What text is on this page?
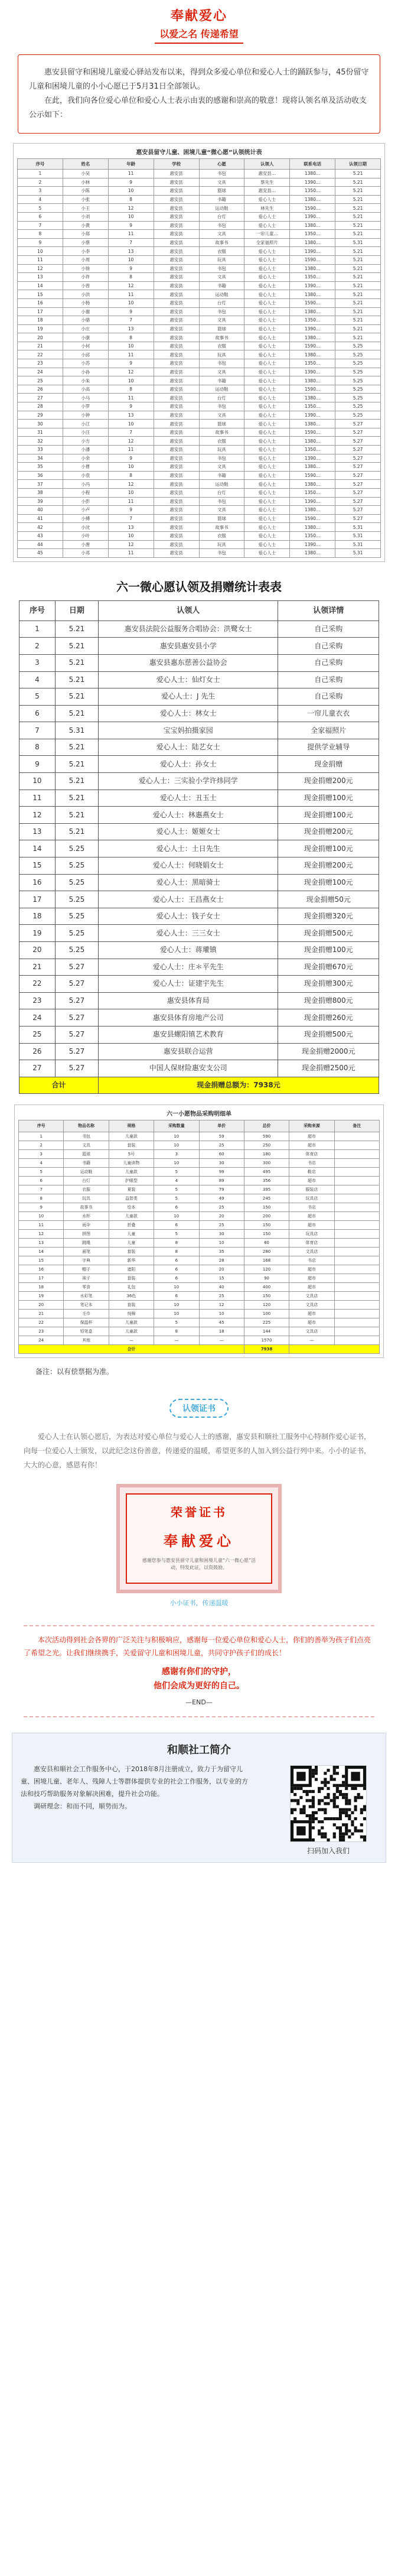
奉献爱心
以爱之名 传递希望

惠安县留守和困境儿童爱心驿站发布以来，得到众多爱心单位和爱心人士的踊跃参与，45份留守儿童和困境儿童的小小心愿已于5月31日全部领认。

在此，我们向各位爱心单位和爱心人士表示由衷的感谢和崇高的敬意！现将认领名单及活动收支公示如下：

惠安县留守儿童、困境儿童“微心愿”认领统计表
序号	姓名	年龄	学校	心愿	认领人	联系电话	认领日期
1	小吴	11	惠安县	书包	惠安县…	1380…	5.21
2	小林	9	惠安县	文具	蔡先生	1390…	5.21
3	小陈	10	惠安县	篮球	惠安县…	1350…	5.21
4	小张	8	惠安县	书籍	爱心人士	1380…	5.21
5	小王	12	惠安县	运动鞋	林先生	1590…	5.21
6	小刘	10	惠安县	台灯	爱心人士	1390…	5.21
7	小黄	9	惠安县	书包	爱心人士	1380…	5.21
8	小郑	11	惠安县	文具	一帘儿童…	1350…	5.21
9	小蔡	7	惠安县	故事书	全家福照片	1380…	5.31
10	小李	13	惠安县	衣服	爱心人士	1390…	5.21
11	小周	10	惠安县	玩具	爱心人士	1590…	5.21
12	小徐	9	惠安县	书包	爱心人士	1380…	5.21
13	小许	8	惠安县	文具	爱心人士	1350…	5.21
14	小曾	12	惠安县	书籍	爱心人士	1390…	5.21
15	小洪	11	惠安县	运动鞋	爱心人士	1380…	5.21
16	小杨	10	惠安县	台灯	爱心人士	1590…	5.21
17	小谢	9	惠安县	书包	爱心人士	1380…	5.21
18	小骆	7	惠安县	文具	爱心人士	1350…	5.21
19	小庄	13	惠安县	篮球	爱心人士	1390…	5.21
20	小康	8	惠安县	故事书	爱心人士	1380…	5.21
21	小何	10	惠安县	衣服	爱心人士	1590…	5.25
22	小邱	11	惠安县	玩具	爱心人士	1380…	5.25
23	小苏	9	惠安县	书包	爱心人士	1350…	5.25
24	小孙	12	惠安县	文具	爱心人士	1390…	5.25
25	小朱	10	惠安县	书籍	爱心人士	1380…	5.25
26	小高	8	惠安县	运动鞋	爱心人士	1590…	5.25
27	小马	11	惠安县	台灯	爱心人士	1380…	5.25
28	小罗	9	惠安县	书包	爱心人士	1350…	5.25
29	小钟	13	惠安县	文具	爱心人士	1390…	5.25
30	小江	10	惠安县	篮球	爱心人士	1380…	5.27
31	小汪	7	惠安县	故事书	爱心人士	1590…	5.27
32	小方	12	惠安县	衣服	爱心人士	1380…	5.27
33	小潘	11	惠安县	玩具	爱心人士	1350…	5.27
34	小余	9	惠安县	书包	爱心人士	1390…	5.27
35	小曹	10	惠安县	文具	爱心人士	1380…	5.27
36	小袁	8	惠安县	书籍	爱心人士	1590…	5.27
37	小冯	12	惠安县	运动鞋	爱心人士	1380…	5.27
38	小程	10	惠安县	台灯	爱心人士	1350…	5.27
39	小彭	11	惠安县	书包	爱心人士	1390…	5.27
40	小卢	9	惠安县	文具	爱心人士	1380…	5.27
41	小傅	7	惠安县	篮球	爱心人士	1590…	5.27
42	小沈	13	惠安县	故事书	爱心人士	1380…	5.31
43	小叶	10	惠安县	衣服	爱心人士	1350…	5.31
44	小唐	12	惠安县	玩具	爱心人士	1390…	5.31
45	小邓	11	惠安县	书包	爱心人士	1380…	5.31
六一微心愿认领及捐赠统计表表
序号	日期	认领人	认领详情
1	5.21	惠安县法院公益服务合唱协会：洪鹭女士	自己采购
2	5.21	惠安县惠安县小学	自己采购
3	5.21	惠安县惠东慈善公益协会	自己采购
4	5.21	爱心人士：仙灯女士	自己采购
5	5.21	爱心人士：J 先生	自己采购
6	5.21	爱心人士：林女士	一帘儿童衣衣
7	5.31	宝宝妈拍摄家园	全家福照片
8	5.21	爱心人士：陆艺女士	提供学业辅导
9	5.21	爱心人士：孙女士	现金捐赠
10	5.21	爱心人士：三实验小学许炜同学	现金捐赠200元
11	5.21	爱心人士：丑玉士	现金捐赠100元
12	5.21	爱心人士：林惠燕女士	现金捐赠100元
13	5.21	爱心人士：姬姬女士	现金捐赠200元
14	5.25	爱心人士：土日先生	现金捐赠100元
15	5.25	爱心人士：何晓娟女士	现金捐赠200元
16	5.25	爱心人士：黑暗骑士	现金捐赠100元
17	5.25	爱心人士：王昌燕女士	现金捐赠50元
18	5.25	爱心人士：钱子女士	现金捐赠320元
19	5.25	爱心人士：三三女士	现金捐赠500元
20	5.25	爱心人士：蒋瓘镇	现金捐赠100元
21	5.27	爱心人士：庄＊平先生	现金捐赠670元
22	5.27	爱心人士：证建宇先生	现金捐赠300元
23	5.27	惠安县体育局	现金捐赠800元
24	5.27	惠安县体育房地产公司	现金捐赠260元
25	5.27	惠安县螺阳镇艺术教育	现金捐赠500元
26	5.27	惠安县联合运营	现金捐赠2000元
27	5.27	中国人保财险惠安支公司	现金捐赠2500元
合计		现金捐赠总额为：7938元	
六一小愿物品采购明细单
序号	物品名称	规格	采购数量	单价	总价	采购来源	备注
1	书包	儿童款	10	59	590	超市	
2	文具	套装	10	25	250	超市	
3	篮球	5号	3	60	180	体育店	
4	书籍	儿童读物	10	30	300	书店	
5	运动鞋	儿童款	5	99	495	鞋店	
6	台灯	护眼型	4	89	356	超市	
7	衣服	夏装	5	79	395	服装店	
8	玩具	益智类	5	49	245	玩具店	
9	故事书	绘本	6	25	150	书店	
10	水杯	儿童款	10	20	200	超市	
11	雨伞	折叠	6	25	150	超市	
12	拼图	儿童	5	30	150	玩具店	
13	跳绳	儿童	8	10	80	体育店	
14	画笔	套装	8	35	280	文具店	
15	字典	新华	6	28	168	书店	
16	帽子	遮阳	6	20	120	超市	
17	袜子	套装	6	15	90	超市	
18	零食	礼包	10	40	400	超市	
19	水彩笔	36色	6	25	150	文具店	
20	笔记本	套装	10	12	120	文具店	
21	毛巾	纯棉	10	10	100	超市	
22	保温杯	儿童款	5	45	225	超市	
23	铅笔盒	儿童款	8	18	144	文具店	
24	其他	—	—	—	1570	—	
合计					7938		
备注：以有偿票据为准。
认领证书

爱心人士在认领心愿后，为表达对爱心单位与爱心人士的感谢，惠安县和顺社工服务中心特制作爱心证书，向每一位爱心人士颁发，以此纪念这份善意，传递爱的温暖，希望更多的人加入到公益行列中来。小小的证书，大大的心意，感恩有你！

荣誉证书
奉献爱心
感谢您参与惠安县留守儿童和困境儿童“六一微心愿”活动，特发此证，以资鼓励。
小小证书，传递温暖

本次活动得到社会各界的广泛关注与积极响应，感谢每一位爱心单位和爱心人士，你们的善举为孩子们点亮了希望之光。让我们继续携手，关爱留守儿童和困境儿童，共同守护孩子们的成长！

感谢有你们的守护，

他们会成为更好的自己。

—END—

和顺社工简介

惠安县和顺社会工作服务中心，于2018年8月注册成立，致力于为留守儿童、困境儿童、老年人、残障人士等群体提供专业的社会工作服务，以专业的方法和技巧帮助服务对象解决困难，提升社会功能。

调研理念：和而不同，顺势而为。

扫码加入我们
